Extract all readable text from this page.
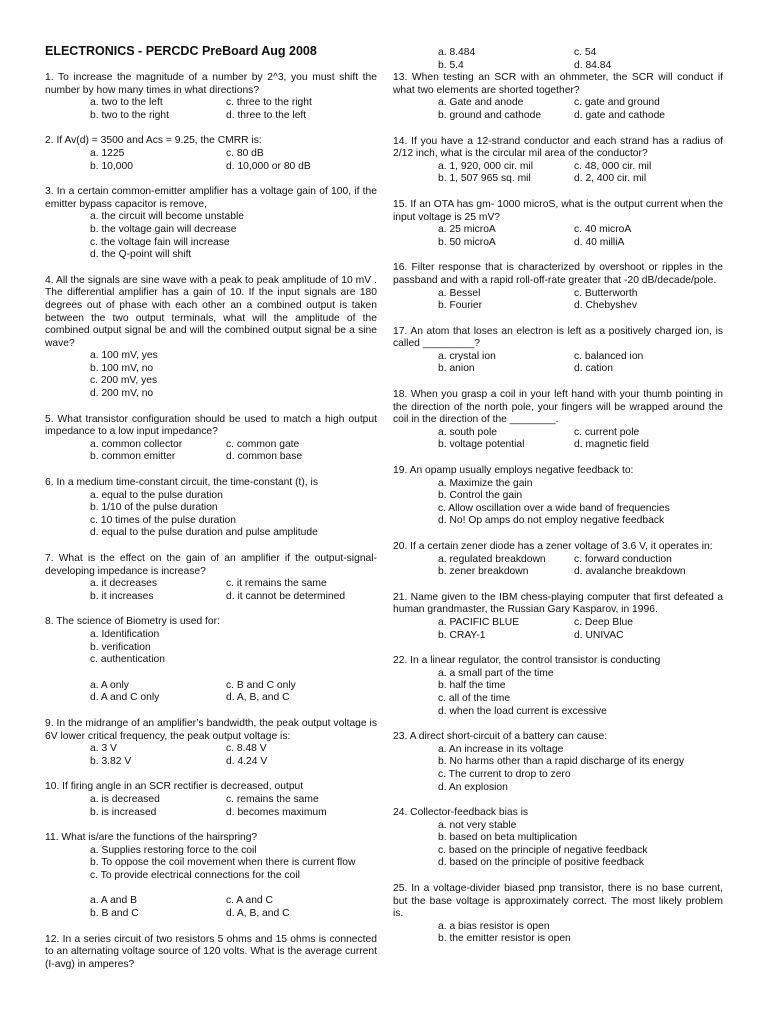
ELECTRONICS - PERCDC PreBoard Aug 2008
1. To increase the magnitude of a number by 2^3, you must shift the number by how many times in what directions?
a. two to the left	c. three to the right
b. two to the right	d. three to the left
2. If Av(d) = 3500 and Acs = 9.25, the CMRR is:
a. 1225	c. 80 dB
b. 10,000	d. 10,000 or 80 dB
3. In a certain common-emitter amplifier has a voltage gain of 100, if the emitter bypass capacitor is remove,
a. the circuit will become unstable
b. the voltage gain will decrease
c. the voltage fain will increase
d. the Q-point will shift
4. All the signals are sine wave with a peak to peak amplitude of 10 mV . The differential amplifier has a gain of 10. If the input signals are 180 degrees out of phase with each other an a combined output is taken between the two output terminals, what will the amplitude of the combined output signal be and will the combined output signal be a sine wave?
a. 100 mV, yes
b. 100 mV, no
c. 200 mV, yes
d. 200 mV, no
5. What transistor configuration should be used to match a high output impedance to a low input impedance?
a. common collector	c. common gate
b. common emitter	d. common base
6. In a medium time-constant circuit, the time-constant (t), is
a. equal to the pulse duration
b. 1/10 of the pulse duration
c. 10 times of the pulse duration
d. equal to the pulse duration and pulse amplitude
7. What is the effect on the gain of an amplifier if the output-signal-developing impedance is increase?
a. it decreases	c. it remains the same
b. it increases	d. it cannot be determined
8. The science of Biometry is used for:
a. Identification
b. verification
c. authentication
a. A only	c. B and C only
d. A and C only	d. A, B, and C
9. In the midrange of an amplifier’s bandwidth, the peak output voltage is 6V lower critical frequency, the peak output voltage is:
a. 3 V	c. 8.48 V
b. 3.82 V	d. 4.24 V
10. If firing angle in an SCR rectifier is decreased, output
a. is decreased	c. remains the same
b. is increased	d. becomes maximum
11. What is/are the functions of the hairspring?
a. Supplies restoring force to the coil
b. To oppose the coil movement when there is current flow
c. To provide electrical connections for the coil
a. A and B	c. A and C
b. B and C	d. A, B, and C
12. In a series circuit of two resistors 5 ohms and 15 ohms is connected to an alternating voltage source of 120 volts. What is the average current (I-avg) in amperes?
a. 8.484	c. 54
b. 5.4	d. 84.84
13. When testing an SCR with an ohmmeter, the SCR will conduct if what two elements are shorted together?
a. Gate and anode	c. gate and ground
b. ground and cathode	d. gate and cathode
14. If you have a 12-strand conductor and each strand has a radius of 2/12 inch, what is the circular mil area of the conductor?
a. 1, 920, 000 cir. mil	c. 48, 000 cir. mil
b. 1, 507 965 sq. mil	d. 2, 400 cir. mil
15. If an OTA has gm- 1000 microS, what is the output current when the input voltage is 25 mV?
a. 25 microA	c. 40 microA
b. 50 microA	d. 40 milliA
16. Filter response that is characterized by overshoot or ripples in the passband and with a rapid roll-off-rate greater that -20 dB/decade/pole.
a. Bessel	c. Butterworth
b. Fourier	d. Chebyshev
17. An atom that loses an electron is left as a positively charged ion, is called _________?
a. crystal ion	c. balanced ion
b. anion	d. cation
18. When you grasp a coil in your left hand with your thumb pointing in the direction of the north pole, your fingers will be wrapped around the coil in the direction of the ________.
a. south pole	c. current pole
b. voltage potential	d. magnetic field
19. An opamp usually employs negative feedback to:
a. Maximize the gain
b. Control the gain
c. Allow oscillation over a wide band of frequencies
d. No! Op amps do not employ negative feedback
20. If a certain zener diode has a zener voltage of 3.6 V, it operates in:
a. regulated breakdown	c. forward conduction
b. zener breakdown	d. avalanche breakdown
21. Name given to the IBM chess-playing computer that first defeated a human grandmaster, the Russian Gary Kasparov, in 1996.
a. PACIFIC BLUE	c. Deep Blue
b. CRAY-1	d. UNIVAC
22. In a linear regulator, the control transistor is conducting
a. a small part of the time
b. half the time
c. all of the time
d. when the load current is excessive
23. A direct short-circuit of a battery can cause:
a. An increase in its voltage
b. No harms other than a rapid discharge of its energy
c. The current to drop to zero
d. An explosion
24. Collector-feedback bias is
a. not very stable
b. based on beta multiplication
c. based on the principle of negative feedback
d. based on the principle of positive feedback
25. In a voltage-divider biased pnp transistor, there is no base current, but the base voltage is approximately correct. The most likely problem is.
a. a bias resistor is open
b. the emitter resistor is open
